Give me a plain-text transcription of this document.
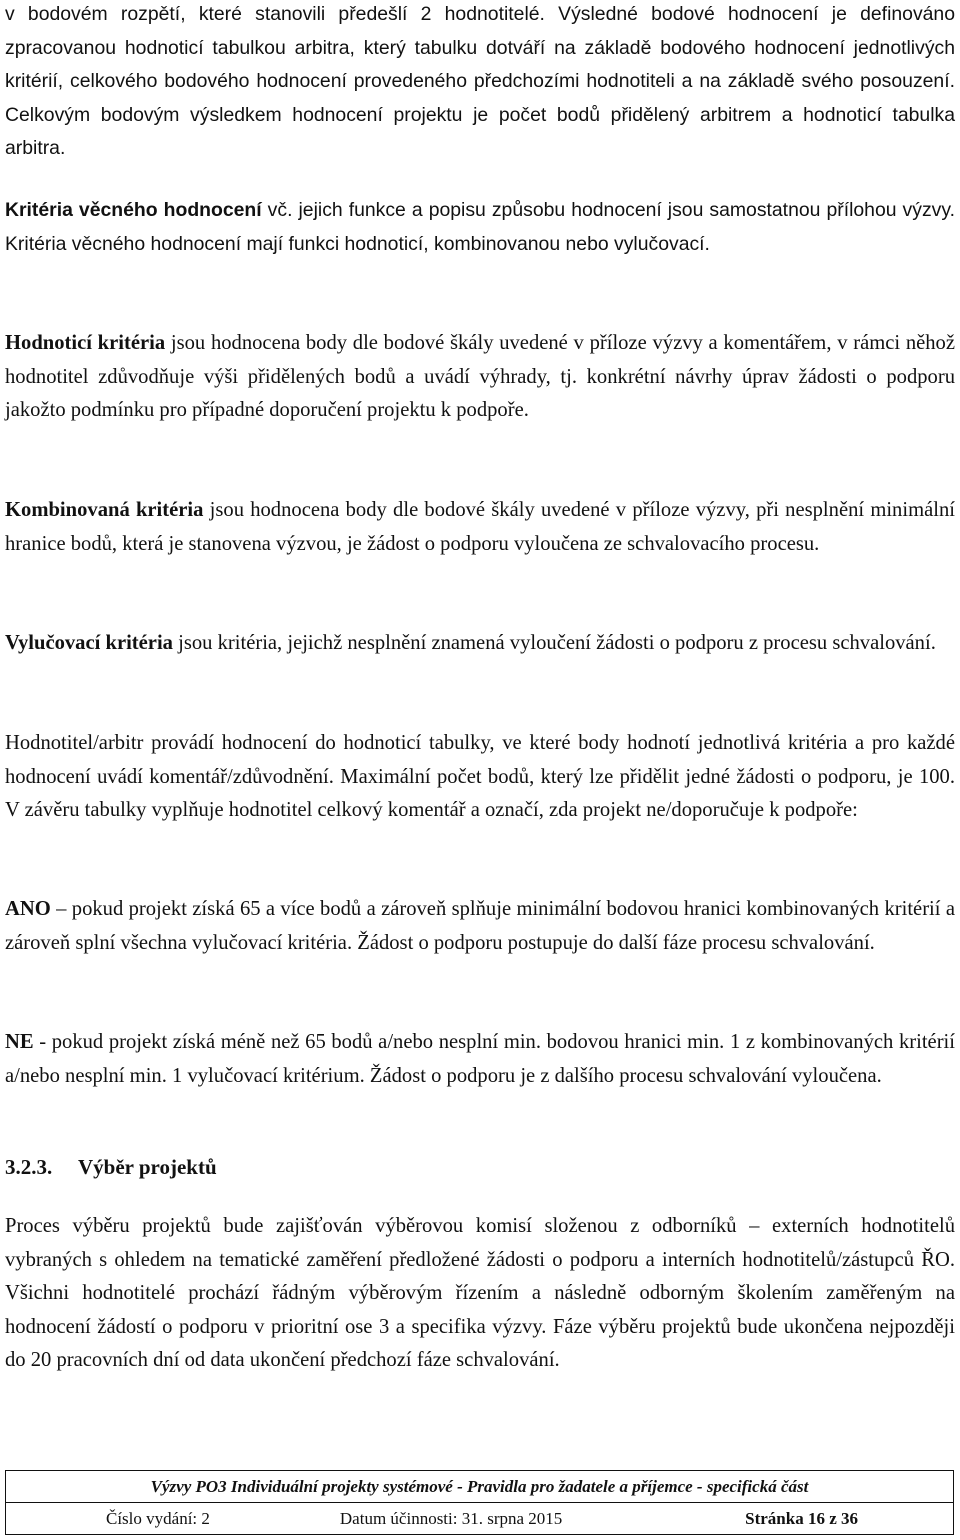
v bodovém rozpětí, které stanovili předešlí 2 hodnotitelé. Výsledné bodové hodnocení je definováno zpracovanou hodnoticí tabulkou arbitra, který tabulku dotváří na základě bodového hodnocení jednotlivých kritérií, celkového bodového hodnocení provedeného předchozími hodnotiteli a na základě svého posouzení. Celkovým bodovým výsledkem hodnocení projektu je počet bodů přidělený arbitrem a hodnoticí tabulka arbitra.

Kritéria věcného hodnocení vč. jejich funkce a popisu způsobu hodnocení jsou samostatnou přílohou výzvy. Kritéria věcného hodnocení mají funkci hodnoticí, kombinovanou nebo vylučovací.

Hodnoticí kritéria jsou hodnocena body dle bodové škály uvedené v příloze výzvy a komentářem, v rámci něhož hodnotitel zdůvodňuje výši přidělených bodů a uvádí výhrady, tj. konkrétní návrhy úprav žádosti o podporu jakožto podmínku pro případné doporučení projektu k podpoře.

Kombinovaná kritéria jsou hodnocena body dle bodové škály uvedené v příloze výzvy, při nesplnění minimální hranice bodů, která je stanovena výzvou, je žádost o podporu vyloučena ze schvalovacího procesu.

Vylučovací kritéria jsou kritéria, jejichž nesplnění znamená vyloučení žádosti o podporu z procesu schvalování.

Hodnotitel/arbitr provádí hodnocení do hodnoticí tabulky, ve které body hodnotí jednotlivá kritéria a pro každé hodnocení uvádí komentář/zdůvodnění. Maximální počet bodů, který lze přidělit jedné žádosti o podporu, je 100. V závěru tabulky vyplňuje hodnotitel celkový komentář a označí, zda projekt ne/doporučuje k podpoře:

ANO – pokud projekt získá 65 a více bodů a zároveň splňuje minimální bodovou hranici kombinovaných kritérií a zároveň splní všechna vylučovací kritéria. Žádost o podporu postupuje do další fáze procesu schvalování.

NE - pokud projekt získá méně než 65 bodů a/nebo nesplní min. bodovou hranici min. 1 z kombinovaných kritérií a/nebo nesplní min. 1 vylučovací kritérium. Žádost o podporu je z dalšího procesu schvalování vyloučena.

3.2.3. Výběr projektů

Proces výběru projektů bude zajišťován výběrovou komisí složenou z odborníků – externích hodnotitelů vybraných s ohledem na tematické zaměření předložené žádosti o podporu a interních hodnotitelů/zástupců ŘO. Všichni hodnotitelé prochází řádným výběrovým řízením a následně odborným školením zaměřeným na hodnocení žádostí o podporu v prioritní ose 3 a specifika výzvy. Fáze výběru projektů bude ukončena nejpozději do 20 pracovních dní od data ukončení předchozí fáze schvalování.

Výzvy PO3 Individuální projekty systémové - Pravidla pro žadatele a příjemce - specifická část
Číslo vydání: 2	Datum účinnosti: 31. srpna 2015	Stránka 16 z 36
